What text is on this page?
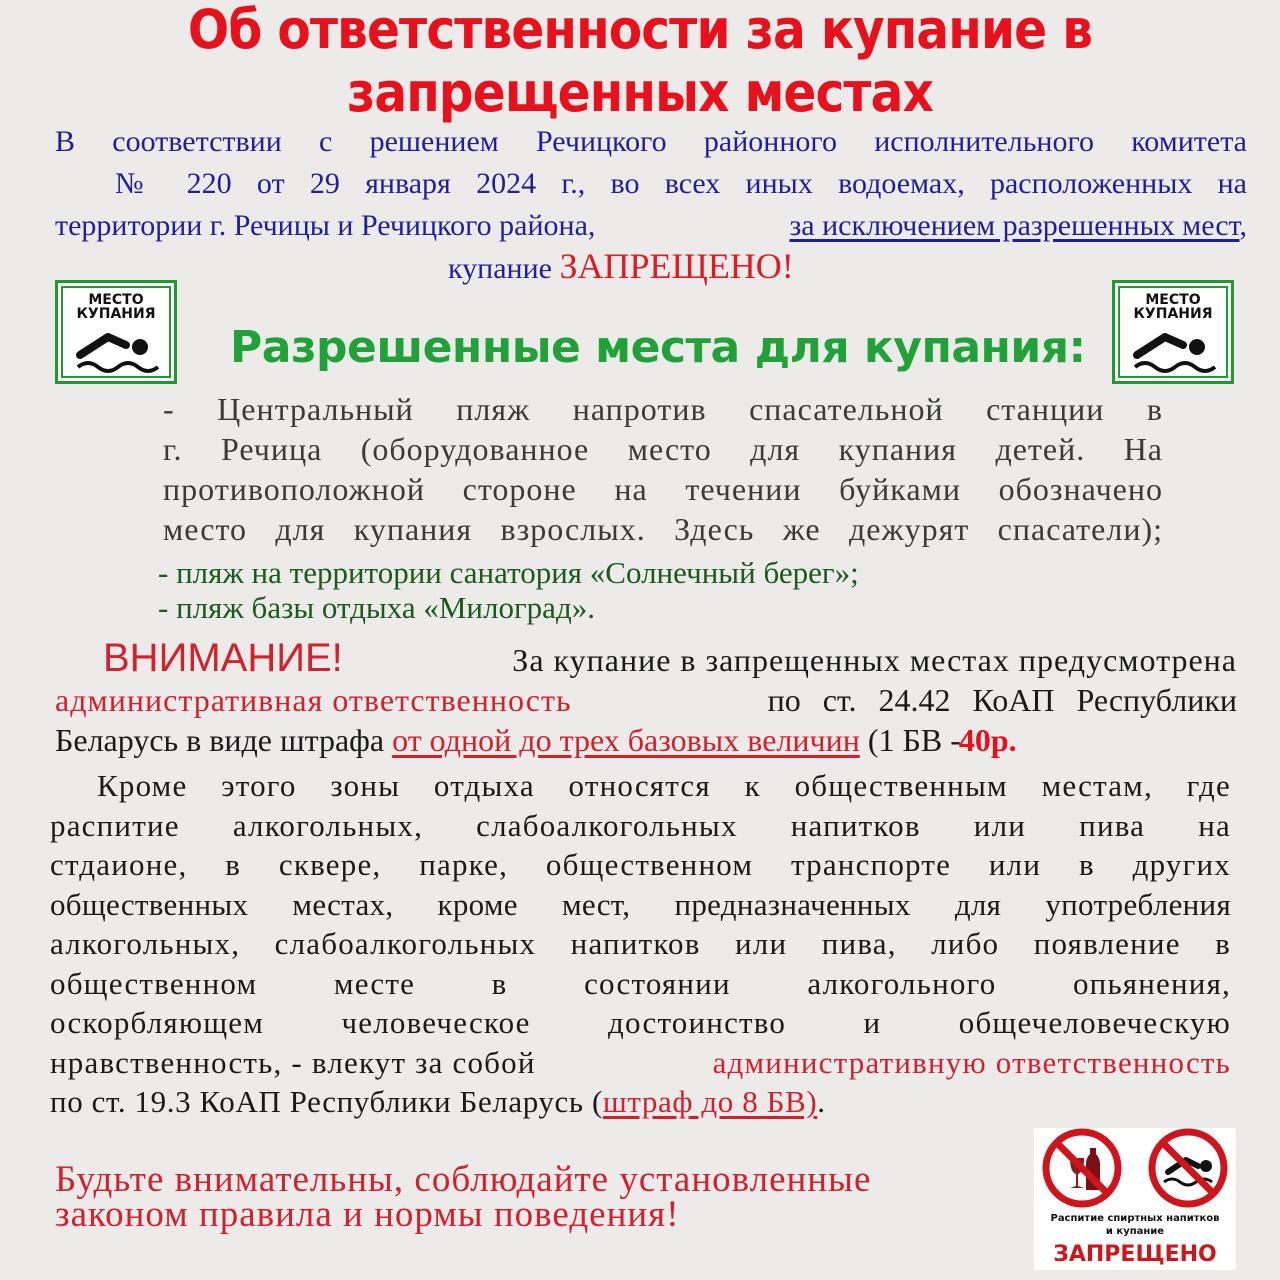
Об ответственности за купание в
запрещенных местах
В соответствии с решением Речицкого районного исполнительного комитета
№ 220 от 29 января 2024 г., во всех иных водоемах, расположенных на
территории г. Речицы и Речицкого района,	за исключением разрешенных мест,
купание ЗАПРЕЩЕНО!
МЕСТО
КУПАНИЯ
МЕСТО
КУПАНИЯ
Разрешенные места для купания:
- Центральный пляж напротив спасательной станции в
г. Речица (оборудованное место для купания детей. На
противоположной стороне на течении буйками обозначено
место для купания взрослых. Здесь же дежурят спасатели);
- пляж на территории санатория «Солнечный берег»;
- пляж базы отдыха «Милоград».
ВНИМАНИЕ!	За купание в запрещенных местах предусмотрена
административная ответственность	по ст. 24.42 КоАП Республики
Беларусь в виде штрафа от одной до трех базовых величин (1 БВ - 40р.
Кроме этого зоны отдыха относятся к общественным местам, где
распитие алкогольных, слабоалкогольных напитков или пива на
стдаионе, в сквере, парке, общественном транспорте или в других
общественных местах, кроме мест, предназначенных для употребления
алкогольных, слабоалкогольных напитков или пива, либо появление в
общественном месте в состоянии алкогольного опьянения,
оскорбляющем человеческое достоинство и общечеловеческую
нравственность, - влекут за собой	административную ответственность
по ст. 19.3 КоАП Республики Беларусь (штраф до 8 БВ).
Будьте внимательны, соблюдайте установленные
законом правила и нормы поведения!	Распитие спиртных напитков
и купание
ЗАПРЕЩЕНО
